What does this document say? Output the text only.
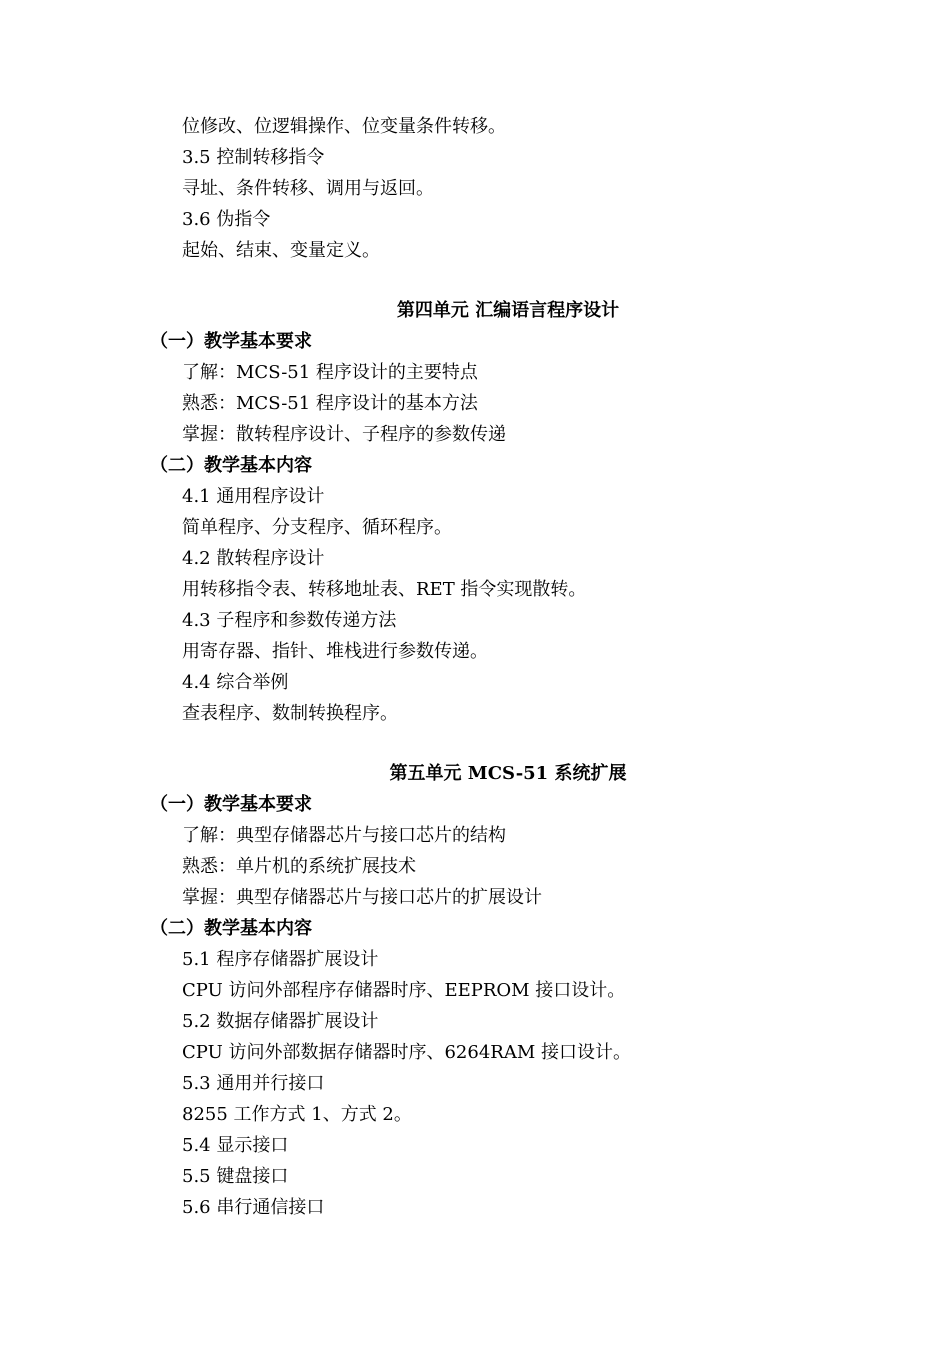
位修改、位逻辑操作、位变量条件转移。
3.5 控制转移指令
寻址、条件转移、调用与返回。
3.6 伪指令
起始、结束、变量定义。
第四单元 汇编语言程序设计
（一）教学基本要求
了解：MCS-51 程序设计的主要特点
熟悉：MCS-51 程序设计的基本方法
掌握：散转程序设计、子程序的参数传递
（二）教学基本内容
4.1 通用程序设计
简单程序、分支程序、循环程序。
4.2 散转程序设计
用转移指令表、转移地址表、RET 指令实现散转。
4.3 子程序和参数传递方法
用寄存器、指针、堆栈进行参数传递。
4.4 综合举例
查表程序、数制转换程序。
第五单元 MCS-51 系统扩展
（一）教学基本要求
了解：典型存储器芯片与接口芯片的结构
熟悉：单片机的系统扩展技术
掌握：典型存储器芯片与接口芯片的扩展设计
（二）教学基本内容
5.1 程序存储器扩展设计
CPU 访问外部程序存储器时序、EEPROM 接口设计。
5.2 数据存储器扩展设计
CPU 访问外部数据存储器时序、6264RAM 接口设计。
5.3 通用并行接口
8255 工作方式 1、方式 2。
5.4 显示接口
5.5 键盘接口
5.6 串行通信接口
